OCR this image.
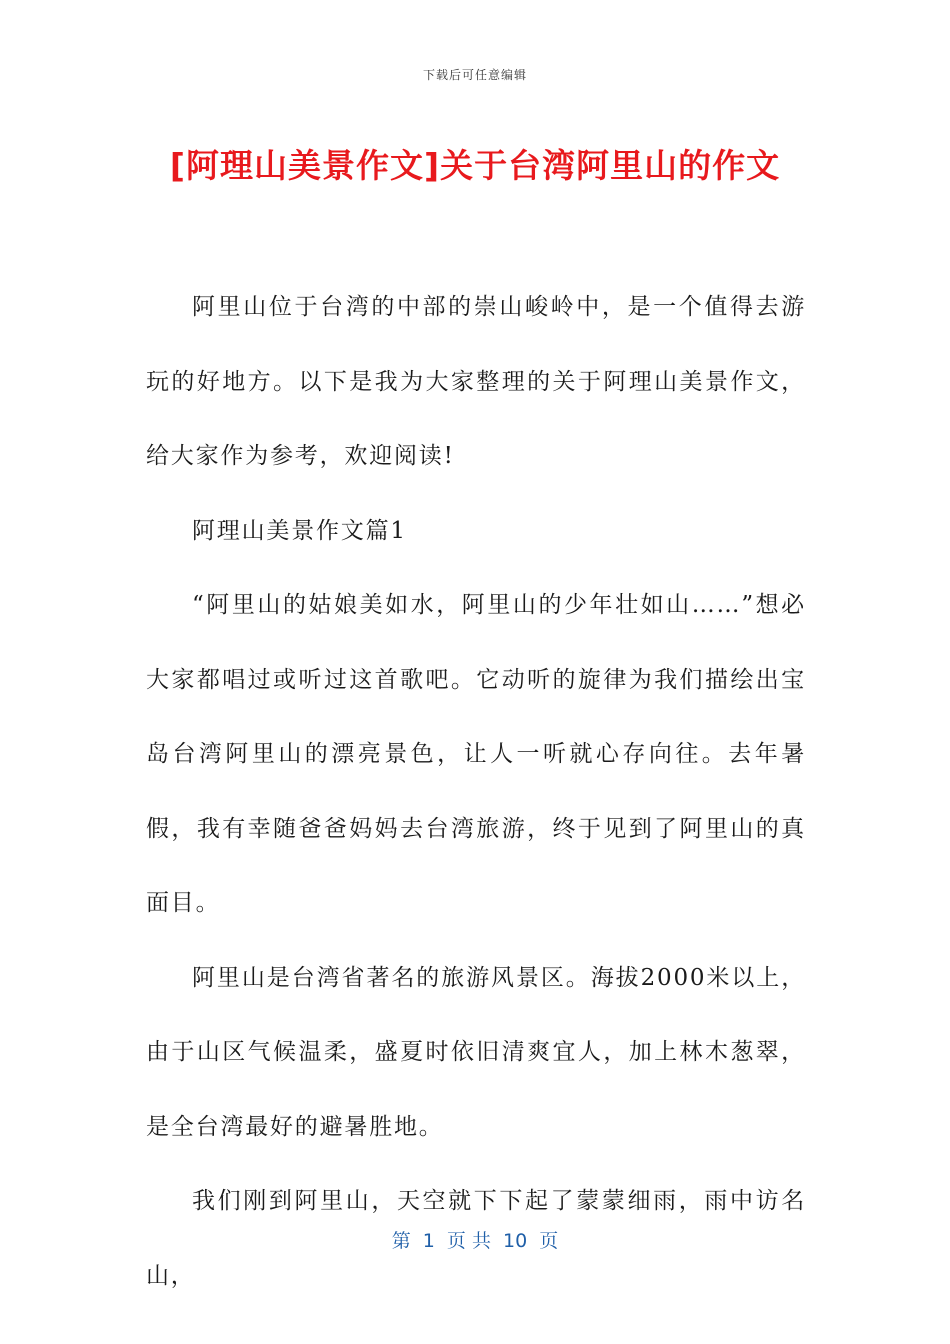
下载后可任意编辑
[阿理山美景作文]关于台湾阿里山的作文

阿里山位于台湾的中部的崇山峻岭中，是一个值得去游玩的好地方。以下是我为大家整理的关于阿理山美景作文，给大家作为参考，欢迎阅读!

阿理山美景作文篇1

“阿里山的姑娘美如水，阿里山的少年壮如山……”想必大家都唱过或听过这首歌吧。它动听的旋律为我们描绘出宝岛台湾阿里山的漂亮景色，让人一听就心存向往。去年暑假，我有幸随爸爸妈妈去台湾旅游，终于见到了阿里山的真面目。

阿里山是台湾省著名的旅游风景区。海拔2000米以上，由于山区气候温柔，盛夏时依旧清爽宜人，加上林木葱翠，是全台湾最好的避暑胜地。

我们刚到阿里山，天空就下下起了蒙蒙细雨，雨中访名山，

第  1  页 共  10  页
